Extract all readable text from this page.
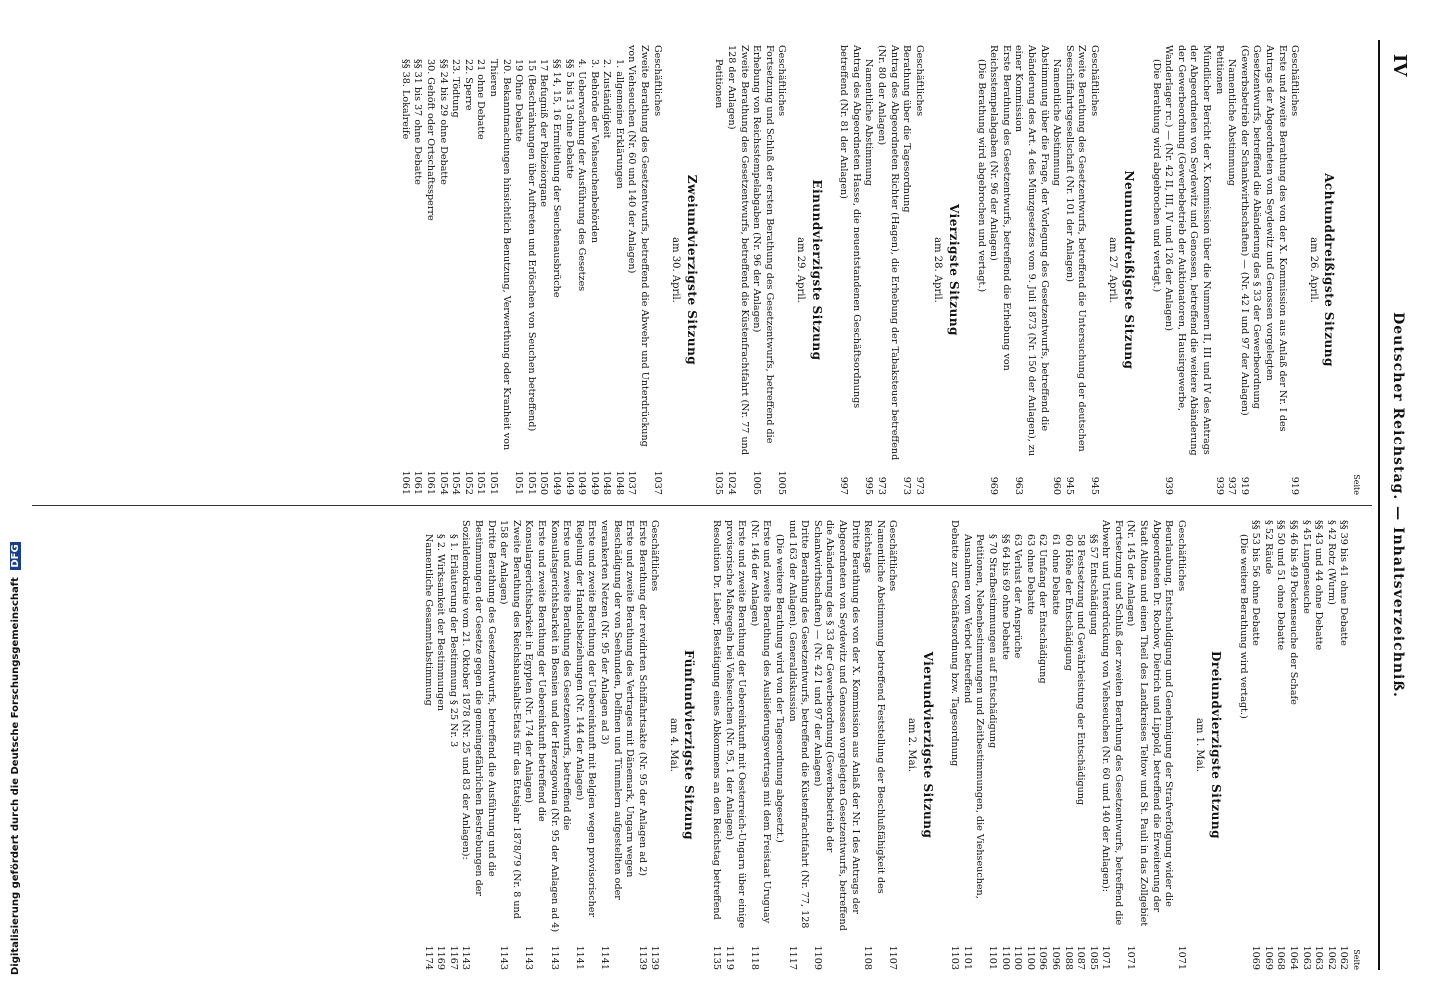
IV
Deutscher Reichstag. — Inhaltsverzeichniß.
Seite
Achtunddreißigste Sitzung
am 26. April.
Geschäftliches
919
Erste und zweite Berathung des von der X. Kommission aus Anlaß der Nr. I des Antrags der Abgeordneten von Seydewitz und Genossen vorgelegten Gesetzentwurfs, betreffend die Abänderung des § 33 der Gewerbeordnung (Gewerbsbetrieb der Schankwirthschaften) — (Nr. 42 I und 97 der Anlagen)
919
Namentliche Abstimmung
937
Petitionen
939
Mündlicher Bericht der X. Kommission über die Nummern II, III und IV des Antrags der Abgeordneten von Seydewitz und Genossen, betreffend die weitere Abänderung der Gewerbeordnung (Gewerbebetrieb der Auktionatoren, Hausirgewerbe, Wanderlager rc.) — (Nr. 42 II, III, IV und 126 der Anlagen)
939
(Die Berathung wird abgebrochen und vertagt.)
Neununddreißigste Sitzung
am 27. April.
Geschäftliches
945
Zweite Berathung des Gesetzentwurfs, betreffend die Untersuchung der deutschen Seeschiffahrtsgesellschaft (Nr. 101 der Anlagen)
945
Namentliche Abstimmung
960
Abstimmung über die Frage, der Vorlegung des Gesetzentwurfs, betreffend die Abänderung des Art. 4 des Münzgesetzes vom 9. Juli 1873 (Nr. 150 der Anlagen), zu einer Kommission
963
Erste Berathung des Gesetzentwurfs, betreffend die Erhebung von Reichsstempelabgaben (Nr. 96 der Anlagen)
969
(Die Berathung wird abgebrochen und vertagt.)
Vierzigste Sitzung
am 28. April.
Geschäftliches
973
Berathung über die Tagesordnung
973
Antrag des Abgeordneten Richter (Hagen), die Erhebung der Tabaksteuer betreffend (Nr. 80 der Anlagen)
973
Namentliche Abstimmung
995
Antrag des Abgeordneten Hasse, die neuentstandenen Geschäftsordnungs betreffend (Nr. 81 der Anlagen)
997
Einundvierzigste Sitzung
am 29. April.
Geschäftliches
1005
Fortsetzung und Schluß der ersten Berathung des Gesetzentwurfs, betreffend die Erhebung von Reichsstempelabgaben (Nr. 96 der Anlagen)
1005
Zweite Berathung des Gesetzentwurfs, betreffend die Küstenfrachtfahrt (Nr. 77 und 128 der Anlagen)
1024
Petitionen
1035
Zweiundvierzigste Sitzung
am 30. April.
Geschäftliches
1037
Zweite Berathung des Gesetzentwurfs, betreffend die Abwehr und Unterdrückung von Viehseuchen (Nr. 60 und 140 der Anlagen)
1037
1. allgemeine Erklärungen
1048
2. Zuständigkeit
1048
3. Behörde der Viehseuchenbehörden
1049
4. Ueberwachung der Ausführung des Gesetzes
1049
§§ 5 bis 13 ohne Debatte
1049
§§ 14, 15, 16 Ermittelung der Seuchenausbrüche
1049
17 Befugniß der Polizeiorgane
1050
15 (Beschränkungen über Auftreten und Erlöschen von Seuchen betreffend)
1051
19 Ohne Debatte
1051
20. Bekanntmachungen hinsichtlich Benutzung, Verwerthung oder Kranheit von Thieren
1051
21 ohne Debatte
1051
22. Sperre
1052
23. Tödtung
1054
§§ 24 bis 29 ohne Debatte
1054
30. Gehöft oder Ortschaftssperre
1061
§§ 31 bis 37 ohne Debatte
1061
§§ 38. Lokalreife
1061
Seite
§§ 39 bis 41 ohne Debatte
1062
§ 42 Rotz (Wurm)
1062
§§ 43 und 44 ohne Debatte
1063
§ 45 Lungenseuche
1063
§§ 46 bis 49 Pockenseuche der Schafe
1064
§§ 50 und 51 ohne Debatte
1068
§ 52 Räude
1069
§§ 53 bis 56 ohne Debatte
1069
(Die weitere Berathung wird vertagt.)
Dreiundvierzigste Sitzung
am 1. Mai.
Geschäftliches
1071
Beurlaubung, Entschuldigung und Genehmigung der Strafverfolgung wider die Abgeordneten Dr. Rochow, Dietrich und Lippold, betreffend die Erweiterung der Stadt Altona und einen Theil des Landkreises Teltow und St. Pauli in das Zollgebiet (Nr. 145 der Anlagen)
1071
Fortsetzung und Schluß der zweiten Berathung des Gesetzentwurfs, betreffend die Abwehr und Unterdrückung von Viehseuchen (Nr. 60 und 140 der Anlagen):
1071
§§ 57 Entschädigung
1085
58 Festsetzung und Gewährleistung der Entschädigung
1087
60 Höhe der Entschädigung
1088
61 ohne Debatte
1096
62 Umfang der Entschädigung
1096
63 ohne Debatte
1100
63 Verlust der Ansprüche
1100
§§ 64 bis 69 ohne Debatte
1100
§ 70 Strafbestimmungen auf Entschädigung
1101
Petitionen, Nebenbestimmungen und Zeitbestimmungen, die Viehseuchen, Ausnahmen vom Verbot betreffend
1101
Debatte zur Geschäftsordnung bzw. Tagesordnung
1103
Vierundvierzigste Sitzung
am 2. Mai.
Geschäftliches
1107
Namentliche Abstimmung betreffend Feststellung der Beschlußfähigkeit des Reichstags
1108
Dritte Berathung des von der X. Kommission aus Anlaß der Nr. I des Antrags der Abgeordneten von Seydewitz und Genossen vorgelegten Gesetzentwurfs, betreffend die Abänderung des § 33 der Gewerbeordnung (Gewerbsbetrieb der Schankwirthschaften) — (Nr. 42 I und 97 der Anlagen)
1109
Dritte Berathung des Gesetzentwurfs, betreffend die Küstenfrachtfahrt (Nr. 77, 128 und 163 der Anlagen). Generaldiskussion
1117
(Die weitere Berathung wird von der Tagesordnung abgesetzt.)
Erste und zweite Berathung des Auslieferungsvertrags mit dem Freistaat Uruguay (Nr. 146 der Anlagen)
1118
Erste und zweite Berathung der Uebereinkunft mit Oesterreich-Ungarn über einige provisorische Maßregeln bei Viehseuchen (Nr. 95, 1 der Anlagen)
1119
Resolution Dr. Lieber, Bestätigung eines Abkommens an den Reichstag betreffend
1135
Fünfundvierzigste Sitzung
am 4. Mai.
Geschäftliches
1139
Erste Berathung der revidirten Schiffahrtsakte (Nr. 95 der Anlagen ad 2)
1139
Erste und zweite Berathung des Vertrages mit Dänemark, Ungarn wegen Beschädigung der von Seehunden, Delfinen und Tümmlern aufgestellten oder verankerten Netzen (Nr. 95 der Anlagen ad 3)
1141
Erste und zweite Berathung der Uebereinkunft mit Belgien wegen provisorischer Regelung der Handelsbeziehungen (Nr. 144 der Anlagen)
1141
Erste und zweite Berathung des Gesetzentwurfs, betreffend die Konsulatsgerichtsbarkeit in Bosnien und der Herzegowina (Nr. 95 der Anlagen ad 4)
1143
Erste und zweite Berathung der Uebereinkunft betreffend die Konsulargerichtsbarkeit in Egypten (Nr. 174 der Anlagen)
1143
Zweite Berathung des Reichshaushalts-Etats für das Etatsjahr 1878/79 (Nr. 8 und 158 der Anlagen)
1143
Dritte Berathung des Gesetzentwurfs, betreffend die Ausführung und die Bestimmungen der Gesetze gegen die gemeingefährlichen Bestrebungen der Sozialdemokratie vom 21. Oktober 1878 (Nr. 25 und 83 der Anlagen):
1143
§ 1. Erläuterung der Bestimmung § 25 Nr. 3
1167
§ 2. Wirksamkeit der Bestimmungen
1169
Namentliche Gesammtabstimmung
1174
Digitalisierung gefördert durch die Deutsche Forschungsgemeinschaft DFG
